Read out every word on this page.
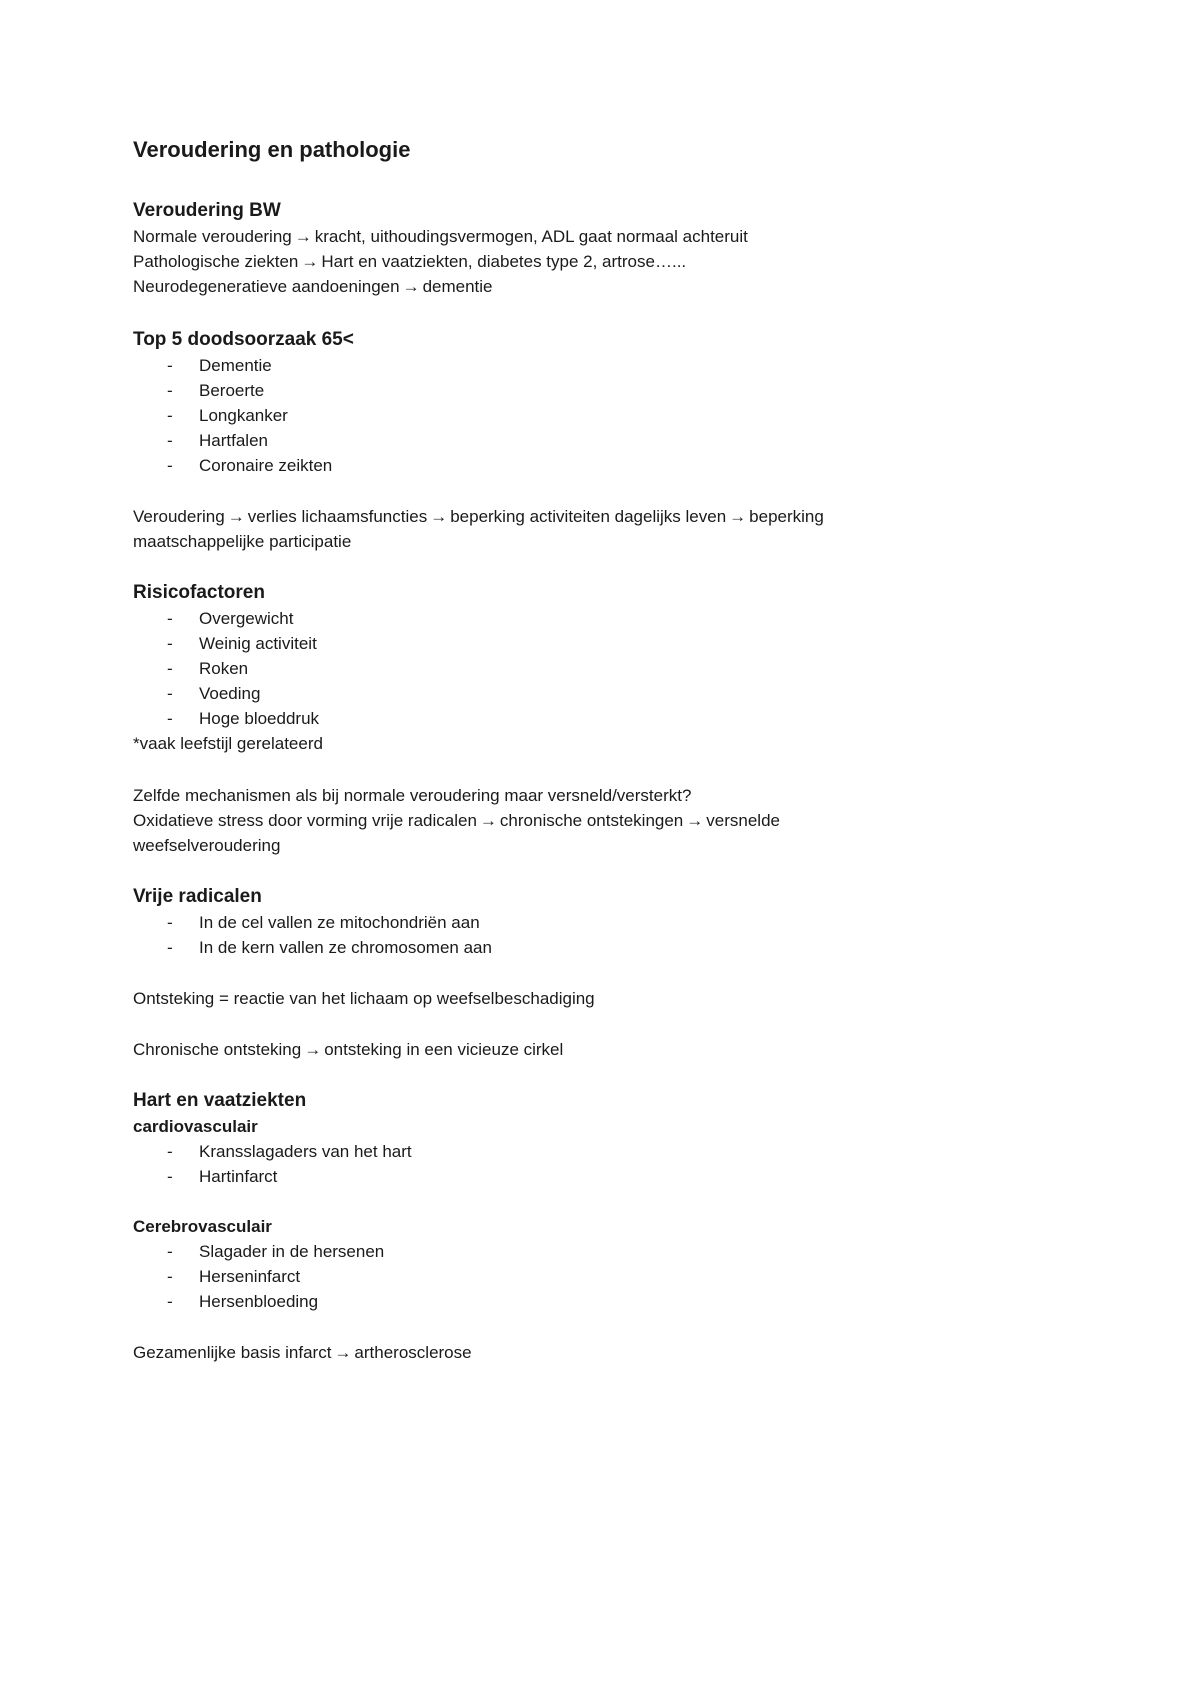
Veroudering en pathologie
Veroudering BW
Normale veroudering → kracht, uithoudingsvermogen, ADL gaat normaal achteruit
Pathologische ziekten → Hart en vaatziekten, diabetes type 2, artrose…...
Neurodegeneratieve aandoeningen → dementie
Top 5 doodsoorzaak 65<
- Dementie
- Beroerte
- Longkanker
- Hartfalen
- Coronaire zeikten
Veroudering → verlies lichaamsfuncties → beperking activiteiten dagelijks leven → beperking
maatschappelijke participatie
Risicofactoren
- Overgewicht
- Weinig activiteit
- Roken
- Voeding
- Hoge bloeddruk
*vaak leefstijl gerelateerd
Zelfde mechanismen als bij normale veroudering maar versneld/versterkt?
Oxidatieve stress door vorming vrije radicalen → chronische ontstekingen → versnelde
weefselveroudering
Vrije radicalen
- In de cel vallen ze mitochondriën aan
- In de kern vallen ze chromosomen aan
Ontsteking = reactie van het lichaam op weefselbeschadiging
Chronische ontsteking → ontsteking in een vicieuze cirkel
Hart en vaatziekten
cardiovasculair
- Kransslagaders van het hart
- Hartinfarct
Cerebrovasculair
- Slagader in de hersenen
- Herseninfarct
- Hersenbloeding
Gezamenlijke basis infarct → artherosclerose
